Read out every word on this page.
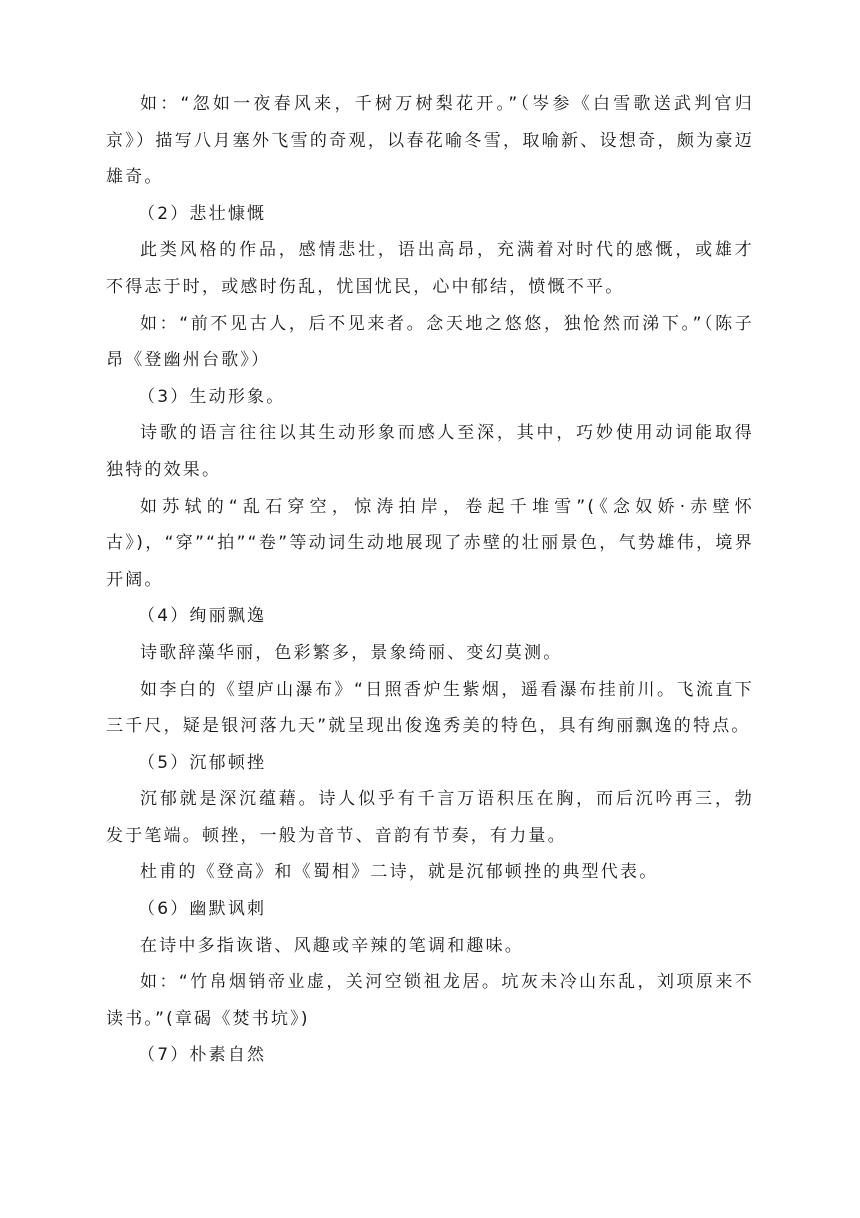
如：“忽如一夜春风来，千树万树梨花开。”（岑参《白雪歌送武判官归京》）描写八月塞外飞雪的奇观，以春花喻冬雪，取喻新、设想奇，颇为豪迈雄奇。

（2）悲壮慷慨

此类风格的作品，感情悲壮，语出高昂，充满着对时代的感慨，或雄才不得志于时，或感时伤乱，忧国忧民，心中郁结，愤慨不平。

如：“前不见古人，后不见来者。念天地之悠悠，独怆然而涕下。”（陈子昂《登幽州台歌》）

（3）生动形象。

诗歌的语言往往以其生动形象而感人至深，其中，巧妙使用动词能取得独特的效果。

如苏轼的“乱石穿空，惊涛拍岸，卷起千堆雪”(《念奴娇·赤壁怀古》)，“穿”“拍”“卷”等动词生动地展现了赤壁的壮丽景色，气势雄伟，境界开阔。

（4）绚丽飘逸

诗歌辞藻华丽，色彩繁多，景象绮丽、变幻莫测。

如李白的《望庐山瀑布》“日照香炉生紫烟，遥看瀑布挂前川。飞流直下三千尺，疑是银河落九天”就呈现出俊逸秀美的特色，具有绚丽飘逸的特点。

（5）沉郁顿挫

沉郁就是深沉蕴藉。诗人似乎有千言万语积压在胸，而后沉吟再三，勃发于笔端。顿挫，一般为音节、音韵有节奏，有力量。

杜甫的《登高》和《蜀相》二诗，就是沉郁顿挫的典型代表。

（6）幽默讽刺

在诗中多指诙谐、风趣或辛辣的笔调和趣味。

如：“竹帛烟销帝业虚，关河空锁祖龙居。坑灰未冷山东乱，刘项原来不读书。”(章碣《焚书坑》)

（7）朴素自然
